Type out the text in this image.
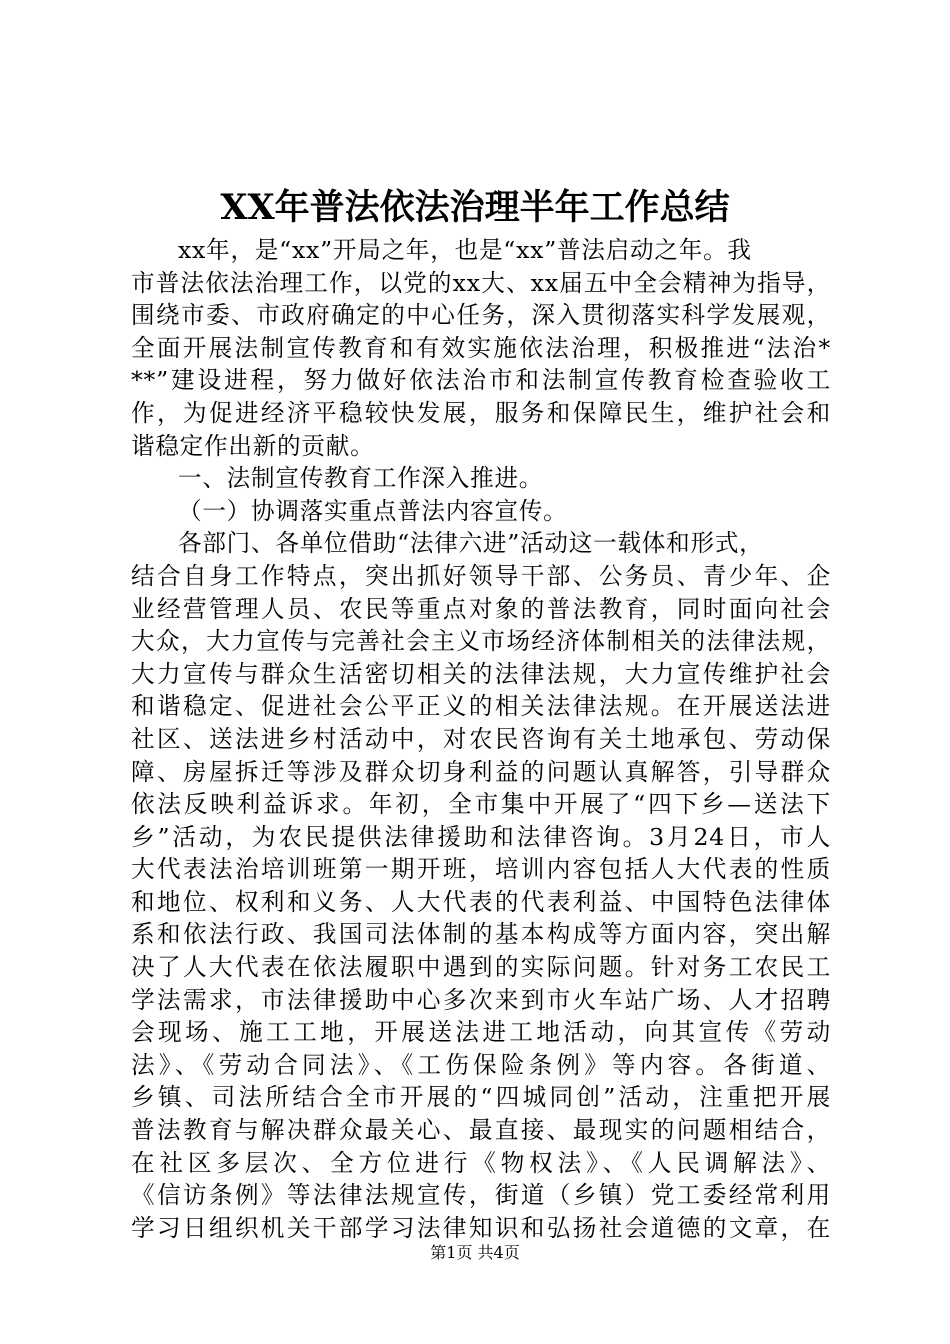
XX年普法依法治理半年工作总结
xx年，是“xx”开局之年，也是“xx”普法启动之年。我
市普法依法治理工作，以党的xx大、xx届五中全会精神为指导，
围绕市委、市政府确定的中心任务，深入贯彻落实科学发展观，
全面开展法制宣传教育和有效实施依法治理，积极推进“法治*
**”建设进程，努力做好依法治市和法制宣传教育检查验收工
作，为促进经济平稳较快发展，服务和保障民生，维护社会和
谐稳定作出新的贡献。
一、法制宣传教育工作深入推进。
（一）协调落实重点普法内容宣传。
各部门、各单位借助“法律六进”活动这一载体和形式，
结合自身工作特点，突出抓好领导干部、公务员、青少年、企
业经营管理人员、农民等重点对象的普法教育，同时面向社会
大众，大力宣传与完善社会主义市场经济体制相关的法律法规，
大力宣传与群众生活密切相关的法律法规，大力宣传维护社会
和谐稳定、促进社会公平正义的相关法律法规。在开展送法进
社区、送法进乡村活动中，对农民咨询有关土地承包、劳动保
障、房屋拆迁等涉及群众切身利益的问题认真解答，引导群众
依法反映利益诉求。年初，全市集中开展了“四下乡—送法下
乡”活动，为农民提供法律援助和法律咨询。3月24日，市人
大代表法治培训班第一期开班，培训内容包括人大代表的性质
和地位、权利和义务、人大代表的代表利益、中国特色法律体
系和依法行政、我国司法体制的基本构成等方面内容，突出解
决了人大代表在依法履职中遇到的实际问题。针对务工农民工
学法需求，市法律援助中心多次来到市火车站广场、人才招聘
会现场、施工工地，开展送法进工地活动，向其宣传《劳动
法》、《劳动合同法》、《工伤保险条例》等内容。各街道、
乡镇、司法所结合全市开展的“四城同创”活动，注重把开展
普法教育与解决群众最关心、最直接、最现实的问题相结合，
在社区多层次、全方位进行《物权法》、《人民调解法》、
《信访条例》等法律法规宣传，街道（乡镇）党工委经常利用
学习日组织机关干部学习法律知识和弘扬社会道德的文章，在
第1页 共4页
